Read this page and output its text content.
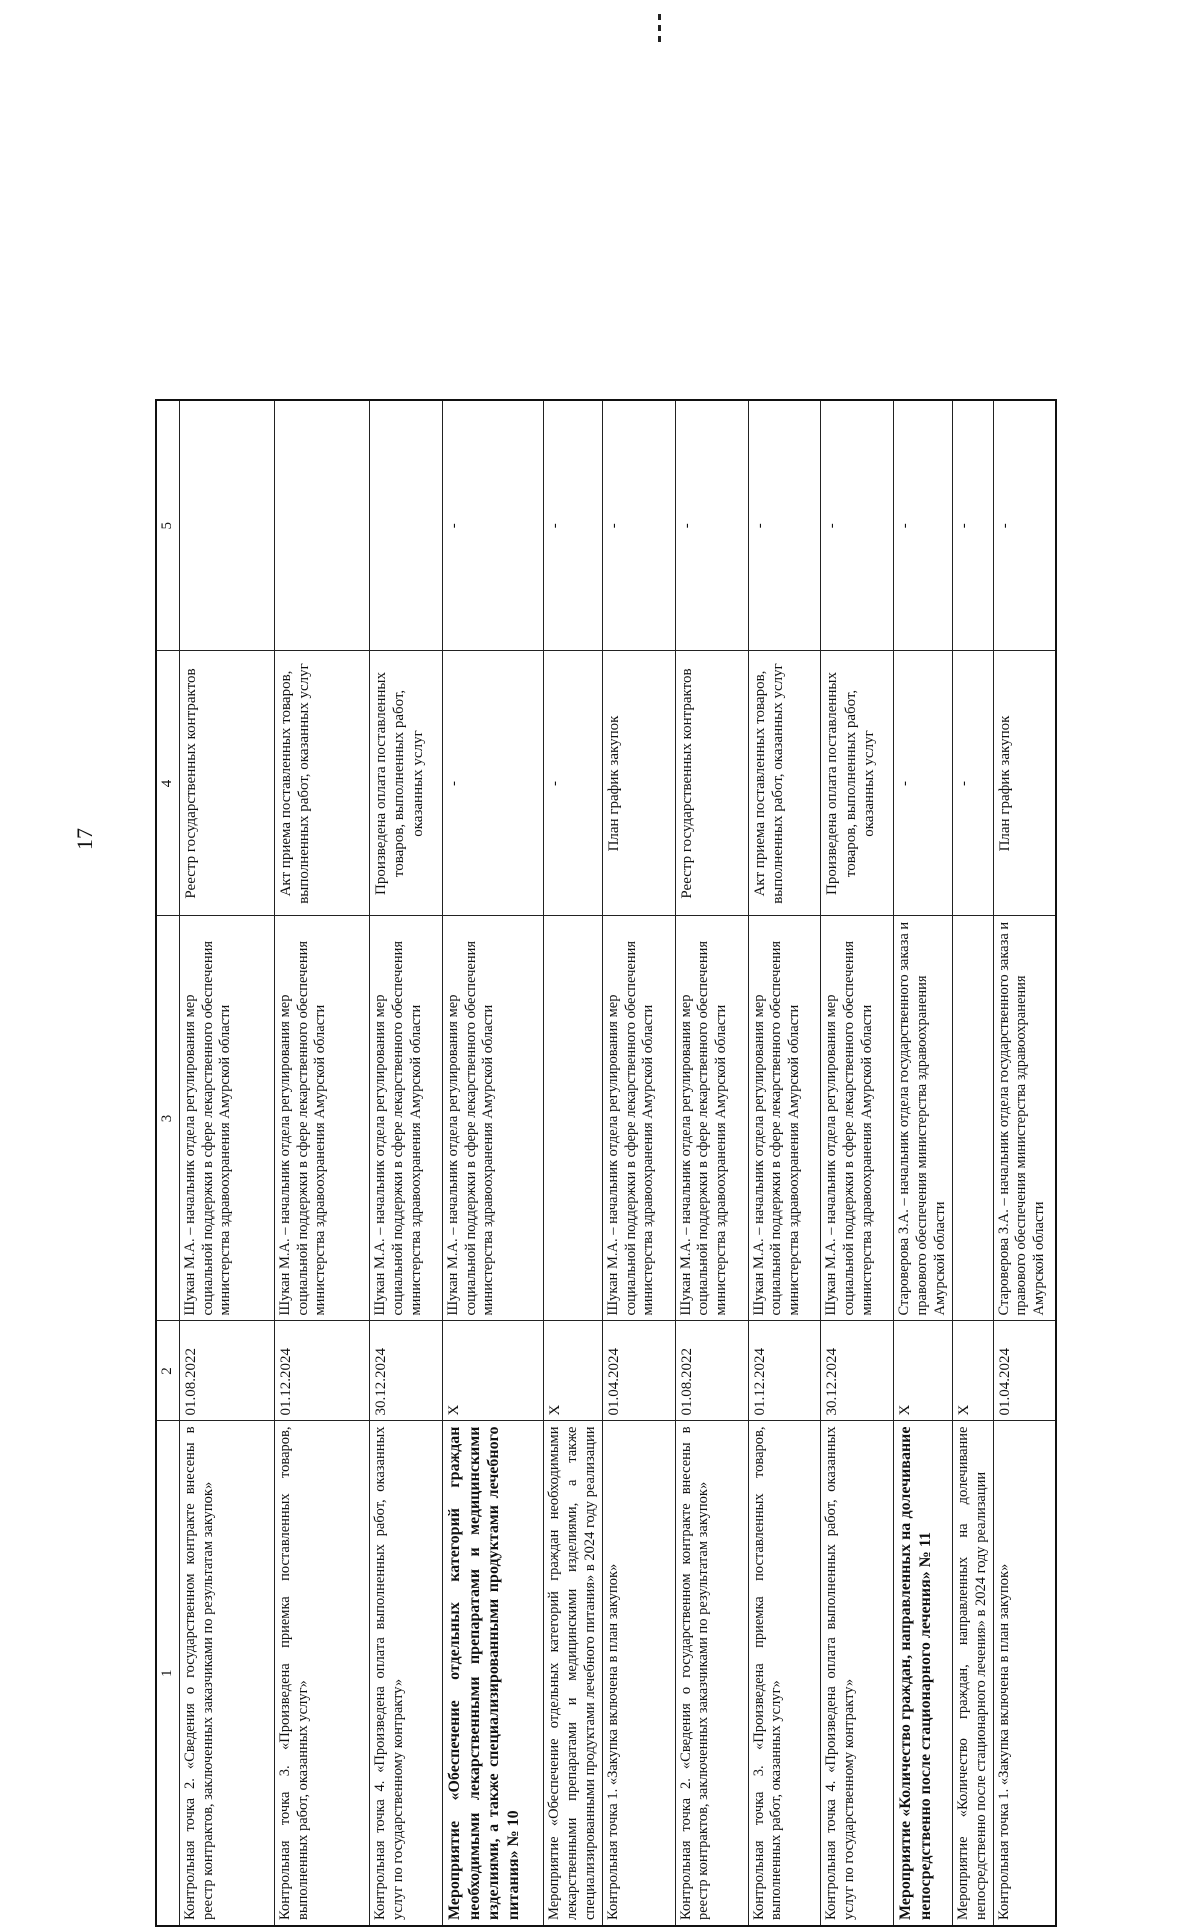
17
1	2	3	4	5
Контрольная точка 2. «Сведения о государственном контракте внесены в реестр контрактов, заключенных заказчиками по результатам закупок»	01.08.2022	Шукан М.А. – начальник отдела регулирования мер социальной поддержки в сфере лекарственного обеспечения министерства здравоохранения Амурской области	Реестр государственных контрактов	
Контрольная точка 3. «Произведена приемка поставленных товаров, выполненных работ, оказанных услуг»	01.12.2024	Шукан М.А. – начальник отдела регулирования мер социальной поддержки в сфере лекарственного обеспечения министерства здравоохранения Амурской области	Акт приема поставленных товаров, выполненных работ, оказанных услуг	
Контрольная точка 4. «Произведена оплата выполненных работ, оказанных услуг по государственному контракту»	30.12.2024	Шукан М.А. – начальник отдела регулирования мер социальной поддержки в сфере лекарственного обеспечения министерства здравоохранения Амурской области	Произведена оплата поставленных товаров, выполненных работ, оказанных услуг	
Мероприятие «Обеспечение отдельных категорий граждан необходимыми лекарственными препаратами и медицинскими изделиями, а также специализированными продуктами лечебного питания» № 10	X	Шукан М.А. – начальник отдела регулирования мер социальной поддержки в сфере лекарственного обеспечения министерства здравоохранения Амурской области	-	-
Мероприятие «Обеспечение отдельных категорий граждан необходимыми лекарственными препаратами и медицинскими изделиями, а также специализированными продуктами лечебного питания» в 2024 году реализации	X		-	-
Контрольная точка 1. «Закупка включена в план закупок»	01.04.2024	Шукан М.А. – начальник отдела регулирования мер социальной поддержки в сфере лекарственного обеспечения министерства здравоохранения Амурской области	План график закупок	-
Контрольная точка 2. «Сведения о государственном контракте внесены в реестр контрактов, заключенных заказчиками по результатам закупок»	01.08.2022	Шукан М.А. – начальник отдела регулирования мер социальной поддержки в сфере лекарственного обеспечения министерства здравоохранения Амурской области	Реестр государственных контрактов	-
Контрольная точка 3. «Произведена приемка поставленных товаров, выполненных работ, оказанных услуг»	01.12.2024	Шукан М.А. – начальник отдела регулирования мер социальной поддержки в сфере лекарственного обеспечения министерства здравоохранения Амурской области	Акт приема поставленных товаров, выполненных работ, оказанных услуг	-
Контрольная точка 4. «Произведена оплата выполненных работ, оказанных услуг по государственному контракту»	30.12.2024	Шукан М.А. – начальник отдела регулирования мер социальной поддержки в сфере лекарственного обеспечения министерства здравоохранения Амурской области	Произведена оплата поставленных товаров, выполненных работ, оказанных услуг	-
Мероприятие «Количество граждан, направленных на долечивание непосредственно после стационарного лечения» № 11	X	Староверова З.А. – начальник отдела государственного заказа и правового обеспечения министерства здравоохранения Амурской области	-	-
Мероприятие «Количество граждан, направленных на долечивание непосредственно после стационарного лечения» в 2024 году реализации	X		-	-
Контрольная точка 1. «Закупка включена в план закупок»	01.04.2024	Староверова З.А. – начальник отдела государственного заказа и правового обеспечения министерства здравоохранения Амурской области	План график закупок	-
